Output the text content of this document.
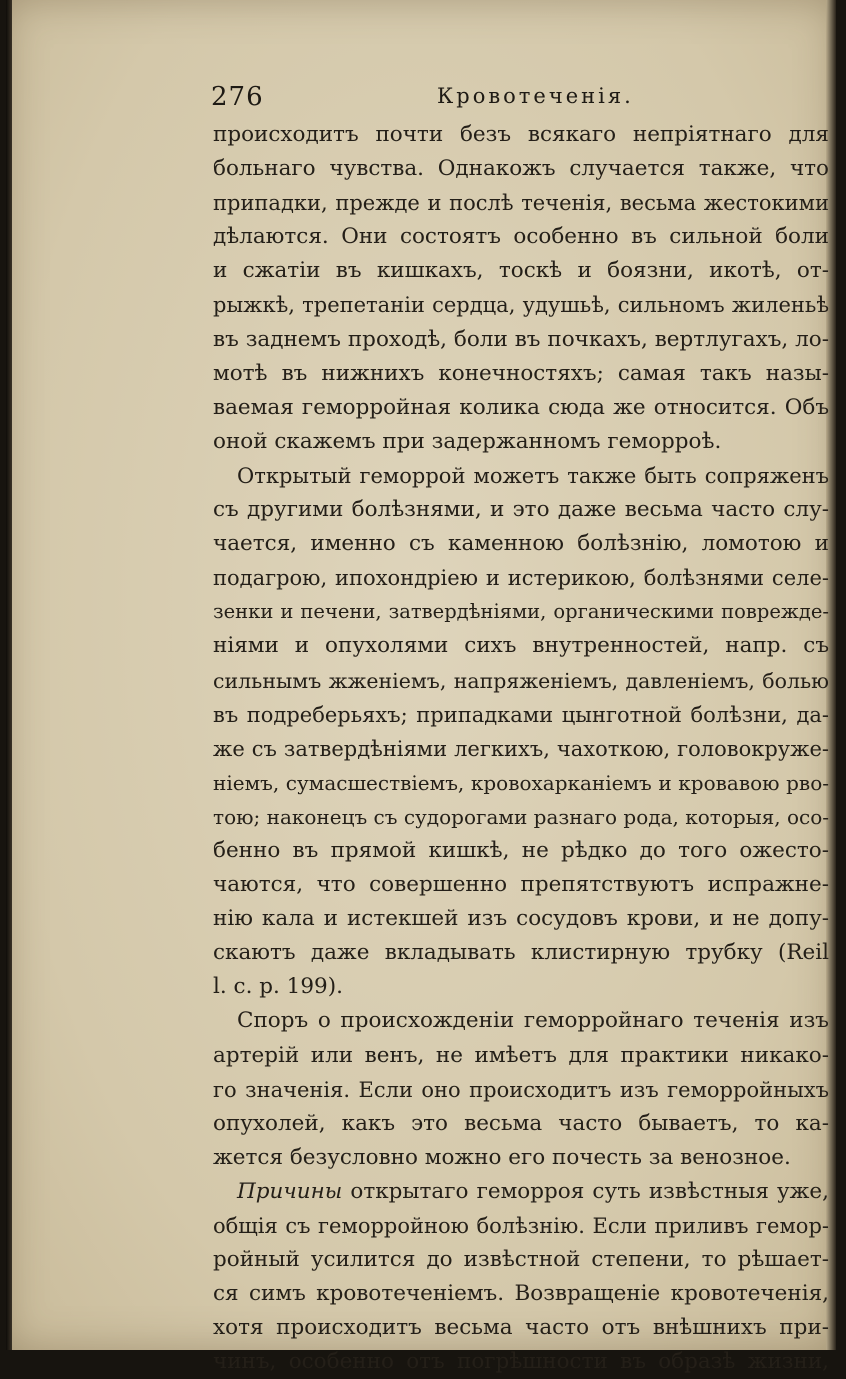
276	Кровотеченія.
происходитъ почти безъ всякаго непріятнаго для
больнаго чувства. Однакожъ случается также, что
припадки, прежде и послѣ теченія, весьма жестокими
дѣлаются. Они состоятъ особенно въ сильной боли
и сжатіи въ кишкахъ, тоскѣ и боязни, икотѣ, от-
рыжкѣ, трепетаніи сердца, удушьѣ, сильномъ жиленьѣ
въ заднемъ проходѣ, боли въ почкахъ, вертлугахъ, ло-
мотѣ въ нижнихъ конечностяхъ; самая такъ назы-
ваемая геморройная колика сюда же относится. Объ
оной скажемъ при задержанномъ геморроѣ.
Открытый геморрой можетъ также быть сопряженъ
съ другими болѣзнями, и это даже весьма часто слу-
чается, именно съ каменною болѣзнію, ломотою и
подагрою, ипохондріею и истерикою, болѣзнями селе-
зенки и печени, затвердѣніями, органическими поврежде-
ніями и опухолями сихъ внутренностей, напр. съ
сильнымъ жженіемъ, напряженіемъ, давленіемъ, болью
въ подреберьяхъ; припадками цынготной болѣзни, да-
же съ затвердѣніями легкихъ, чахоткою, головокруже-
ніемъ, сумасшествіемъ, кровохарканіемъ и кровавою рво-
тою; наконецъ съ судорогами разнаго рода, которыя, осо-
бенно въ прямой кишкѣ, не рѣдко до того ожесто-
чаются, что совершенно препятствуютъ испражне-
нію кала и истекшей изъ сосудовъ крови, и не допу-
скаютъ даже вкладывать клистирную трубку (Reil
l. c. p. 199).
Споръ о происхожденіи геморройнаго теченія изъ
артерій или венъ, не имѣетъ для практики никако-
го значенія. Если оно происходитъ изъ геморройныхъ
опухолей, какъ это весьма часто бываетъ, то ка-
жется безусловно можно его почесть за венозное.
Причины открытаго геморроя суть извѣстныя уже,
общія съ геморройною болѣзнію. Если приливъ гемор-
ройный усилится до извѣстной степени, то рѣшает-
ся симъ кровотеченіемъ. Возвращеніе кровотеченія,
хотя происходитъ весьма часто отъ внѣшнихъ при-
чинъ, особенно отъ погрѣшности въ образѣ жизни,
